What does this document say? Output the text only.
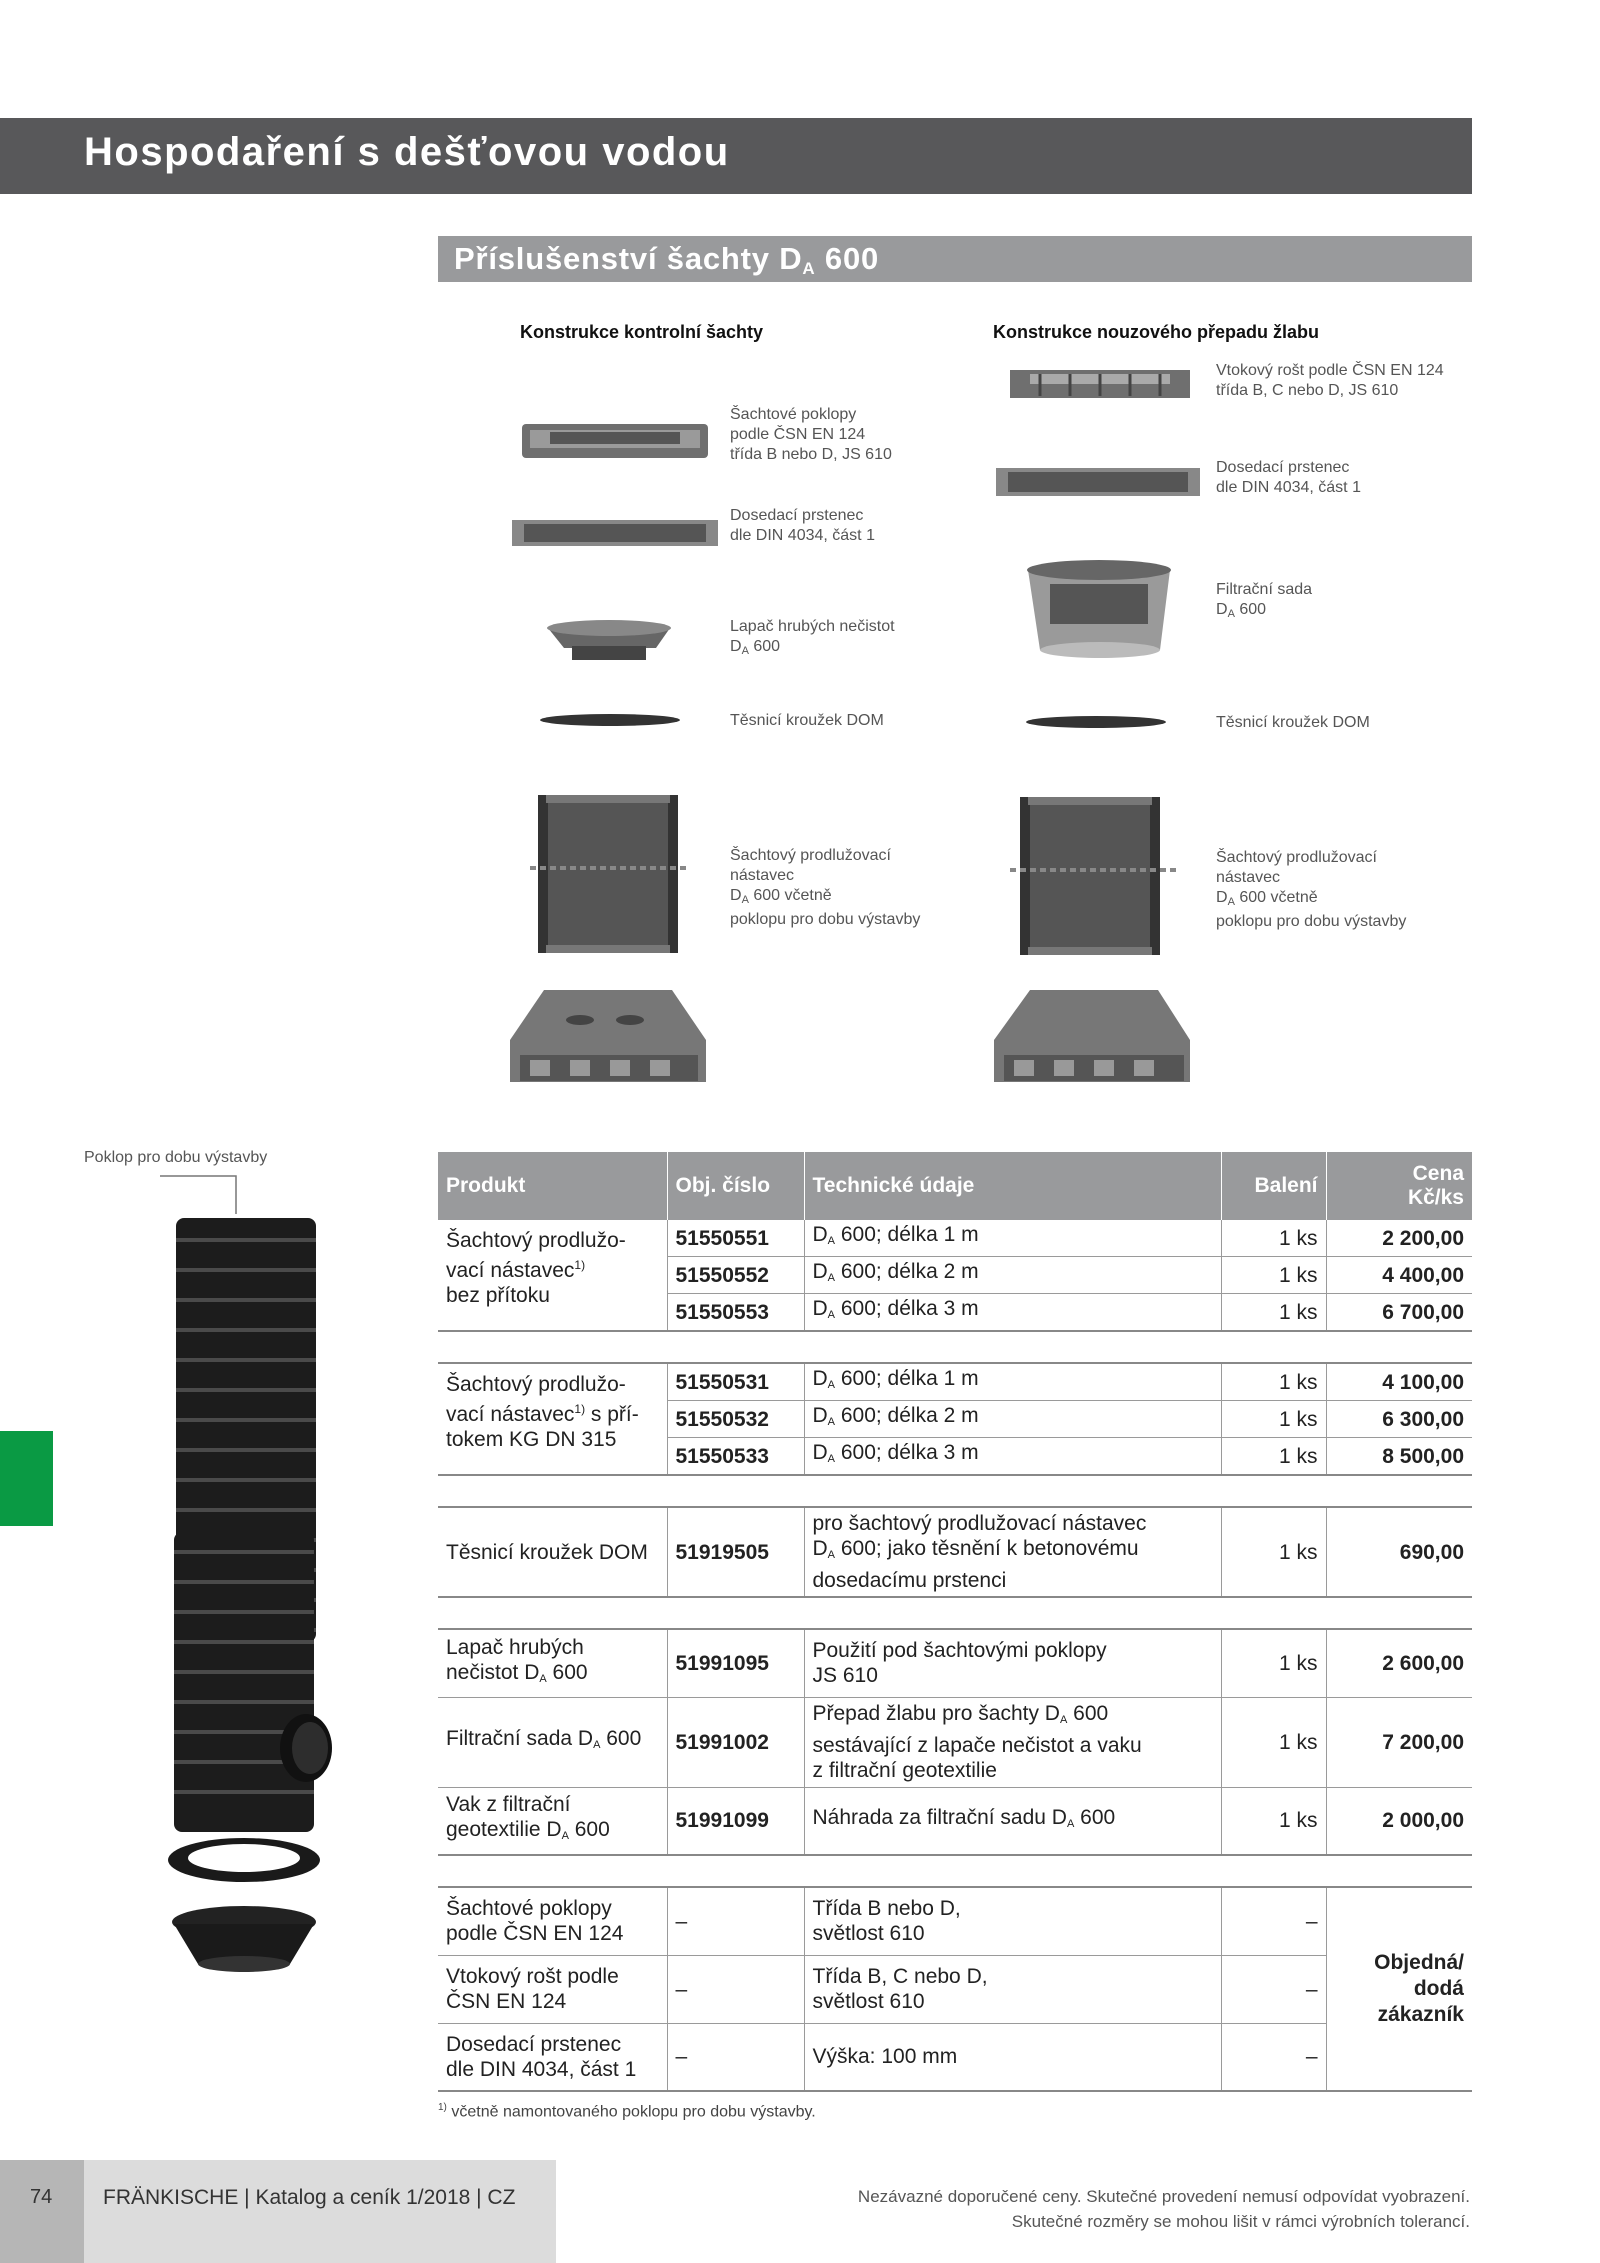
Hospodaření s dešťovou vodou
Příslušenství šachty $D_A$ 600
Konstrukce kontrolní šachty	Konstrukce nouzového přepadu žlabu
Šachtové poklopy
podle ČSN EN 124
třída B nebo D, JS 610
Dosedací prstenec
dle DIN 4034, část 1
Lapač hrubých nečistot
$D_A$ 600
Těsnicí kroužek DOM
Šachtový prodlužovací
nástavec
$D_A$ 600 včetně
poklopu pro dobu výstavby
Vtokový rošt podle ČSN EN 124
třída B, C nebo D, JS 610
Dosedací prstenec
dle DIN 4034, část 1
Filtrační sada
$D_A$ 600
Těsnicí kroužek DOM
Šachtový prodlužovací
nástavec
$D_A$ 600 včetně
poklopu pro dobu výstavby
Poklop pro dobu výstavby
Produkt	Obj. číslo	Technické údaje	Balení	Cena
Kč/ks
Šachtový prodlužo-
vací nástavec$^{1)}$
bez přítoku	51550551	$D_A$ 600; délka 1 m	1 ks	2 200,00
	51550552	$D_A$ 600; délka 2 m	1 ks	4 400,00
	51550553	$D_A$ 600; délka 3 m	1 ks	6 700,00

Šachtový prodlužo-
vací nástavec$^{1)}$ s pří-
tokem KG DN 315	51550531	$D_A$ 600; délka 1 m	1 ks	4 100,00
	51550532	$D_A$ 600; délka 2 m	1 ks	6 300,00
	51550533	$D_A$ 600; délka 3 m	1 ks	8 500,00

Těsnicí kroužek DOM	51919505	pro šachtový prodlužovací nástavec
$D_A$ 600; jako těsnění k betonovému
dosedacímu prstenci	1 ks	690,00

Lapač hrubých
nečistot $D_A$ 600	51991095	Použití pod šachtovými poklopy
JS 610	1 ks	2 600,00
Filtrační sada $D_A$ 600	51991002	Přepad žlabu pro šachty $D_A$ 600
sestávající z lapače nečistot a vaku
z filtrační geotextilie	1 ks	7 200,00
Vak z filtrační
geotextilie $D_A$ 600	51991099	Náhrada za filtrační sadu $D_A$ 600	1 ks	2 000,00

Šachtové poklopy
podle ČSN EN 124	–	Třída B nebo D,
světlost 610	–	Objedná/
dodá
zákazník
Vtokový rošt podle
ČSN EN 124	–	Třída B, C nebo D,
světlost 610	–	
Dosedací prstenec
dle DIN 4034, část 1	–	Výška: 100 mm	–	
$^{1)}$ včetně namontovaného poklopu pro dobu výstavby.
74 FRÄNKISCHE | Katalog a ceník 1/2018 | CZ	Nezávazné doporučené ceny. Skutečné provedení nemusí odpovídat vyobrazení.
Skutečné rozměry se mohou lišit v rámci výrobních tolerancí.
